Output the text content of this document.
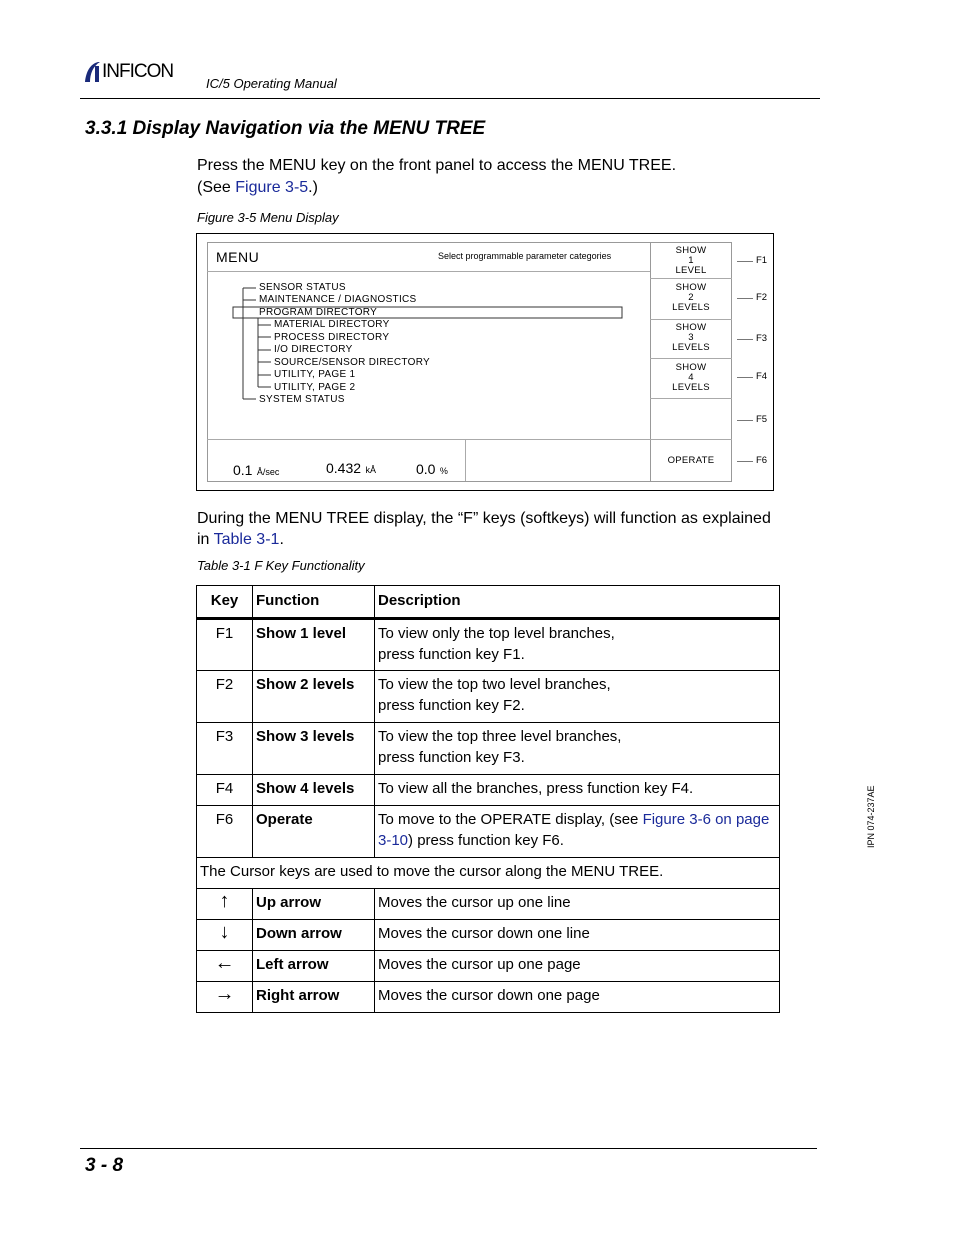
INFICON
IC/5 Operating Manual
3.3.1 Display Navigation via the MENU TREE
Press the MENU key on the front panel to access the MENU TREE.
(See Figure 3-5.)
Figure 3-5 Menu Display
MENU	Select programmable parameter categories
SENSOR STATUS
MAINTENANCE / DIAGNOSTICS
PROGRAM DIRECTORY
MATERIAL DIRECTORY
PROCESS DIRECTORY
I/O DIRECTORY
SOURCE/SENSOR DIRECTORY
UTILITY, PAGE 1
UTILITY, PAGE 2
SYSTEM STATUS
0.1 Å/sec	0.432 kÅ	0.0 %
SHOW
1
LEVEL
SHOW
2
LEVELS
SHOW
3
LEVELS
SHOW
4
LEVELS
OPERATE
F1
F2
F3
F4
F5
F6
During the MENU TREE display, the “F” keys (softkeys) will function as explained
in Table 3-1.
Table 3-1 F Key Functionality
Key	Function	Description
F1	Show 1 level	To view only the top level branches,
press function key F1.

F2	Show 2 levels	To view the top two level branches,
press function key F2.

F3	Show 3 levels	To view the top three level branches,
press function key F3.

F4	Show 4 levels	To view all the branches, press function key F4.

F6	Operate	To move to the OPERATE display, (see Figure 3-6 on page 3-10) press function key F6.
The Cursor keys are used to move the cursor along the MENU TREE.		
↑	Up arrow	Moves the cursor up one line
↓	Down arrow	Moves the cursor down one line
←	Left arrow	Moves the cursor up one page
→	Right arrow	Moves the cursor down one page
IPN 074-237AE
3 - 8
